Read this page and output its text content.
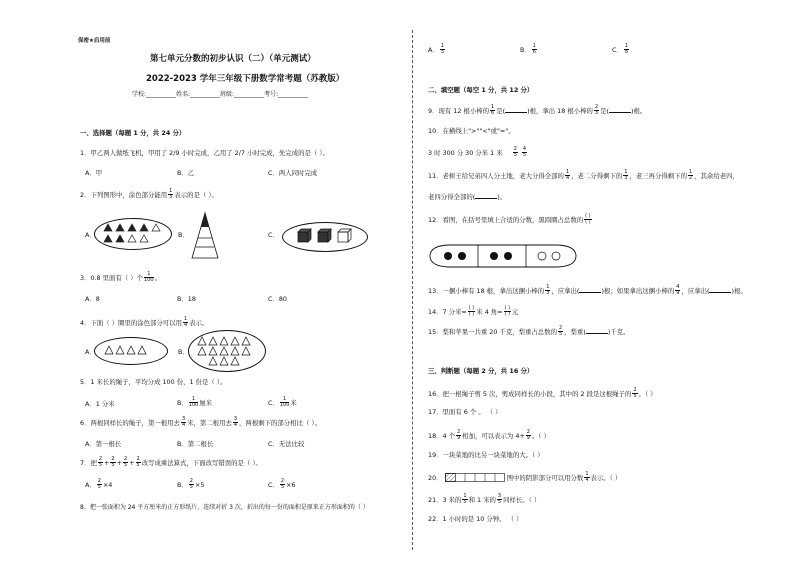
保密★启用前
第七单元分数的初步认识（二）（单元测试）
2022-2023 学年三年级下册数学常考题（苏教版）
学校:__________姓名:__________班级:__________考号:__________
一、选择题（每题 1 分，共 24 分）
1．甲乙两人做纸飞机，甲用了 2/9 小时完成，乙用了 2/7 小时完成，先完成的是（ ）。
A．甲	B．乙	C．两人同时完成
2．下列图形中，涂色部分能用 $\frac{1}{3}$ 表示的是（ ）。
A．	B．	C．
3．0.8 里面有（ ）个 $\frac{1}{100}$ 。
A．8	B．18	C．80
4．下面（ ）圈里的涂色部分可以用 $\frac{1}{4}$ 表示。
A．	B．
5．1 米长的绳子，平均分成 100 份，1 份是（ ）。
A．1 分米	B． $\frac{1}{100}$ 厘米	C． $\frac{1}{100}$ 米
6．两根同样长的绳子，第一根用去 $\frac{3}{4}$ 米，第二根用去 $\frac{3}{4}$ ，两根剩下的部分相比（ ）。
A．第一根长	B．第二根长	C．无法比较
7．把 $\frac{2}{5} + \frac{2}{5} + \frac{2}{5} + \frac{2}{5}$ 改写成乘法算式，下面改写错误的是（ ）。
A． $\frac{2}{5} \times 4$	B． $\frac{2}{5} \times 5$	C． $\frac{2}{5} \times 6$
8．把一张面积为 24 平方厘米的正方形纸片，连续对折 3 次，折出的每一份的面积是原来正方形面积的（ ）
A． $\frac{1}{3}$	B． $\frac{1}{6}$	C． $\frac{1}{8}$
二、填空题（每空 1 分，共 12 分）
9．现有 12 根小棒的 $\frac{1}{6}$ 是(	)根，拿出 18 根小棒的 $\frac{2}{3}$ 是(	)根。
10．在横线上">""<"或"="。
3 时 300 分 30 分米 1 米 $\frac{2}{5}$
$\frac{4}{5}$
11．老树王给兄弟四人分土地，老大分得全部的 $\frac{1}{4}$ ，老二分得剩下的 $\frac{1}{3}$ ，老三再分得剩下的 $\frac{1}{2}$ ，其余给老四，
老四分得全部的(	)。
12．看图，在括号里填上合适的分数，黑圆圈占总数的 $\frac{( )}{( )}$
13．一捆小棒有 18 根，拿出这捆小棒的 $\frac{1}{3}$ ，应拿出(	)根；如果拿出这捆小棒的 $\frac{4}{9}$ ，应拿出(	)根。
14．7 分米= $\frac{( )}{( )}$ 米 4 角= $\frac{( )}{( )}$ 元
15．梨和苹果一共重 20 千克，梨重占总数的 $\frac{2}{5}$ ，梨重(	)千克。
三、判断题（每题 2 分，共 16 分）
16．把一根绳子剪 5 次，剪成同样长的小段，其中的 2 段是这根绳子的 $\frac{2}{5}$ 。（ ）
17．里面有 6 个 。 （ ）
18．4 个 $\frac{2}{9}$ 相加，可以表示为 $4+ \frac{2}{9}$ 。（ ）
19．一块菜地的比另一块菜地的大。（ ）
20．	图中的阴影部分可以用分数 $\frac{1}{4}$ 表示。（ ）
21．3 米的 $\frac{1}{5}$ 和 1 米的 $\frac{3}{5}$ 同样长。（ ）
22．1 小时的是 10 分钟。 （ ）
